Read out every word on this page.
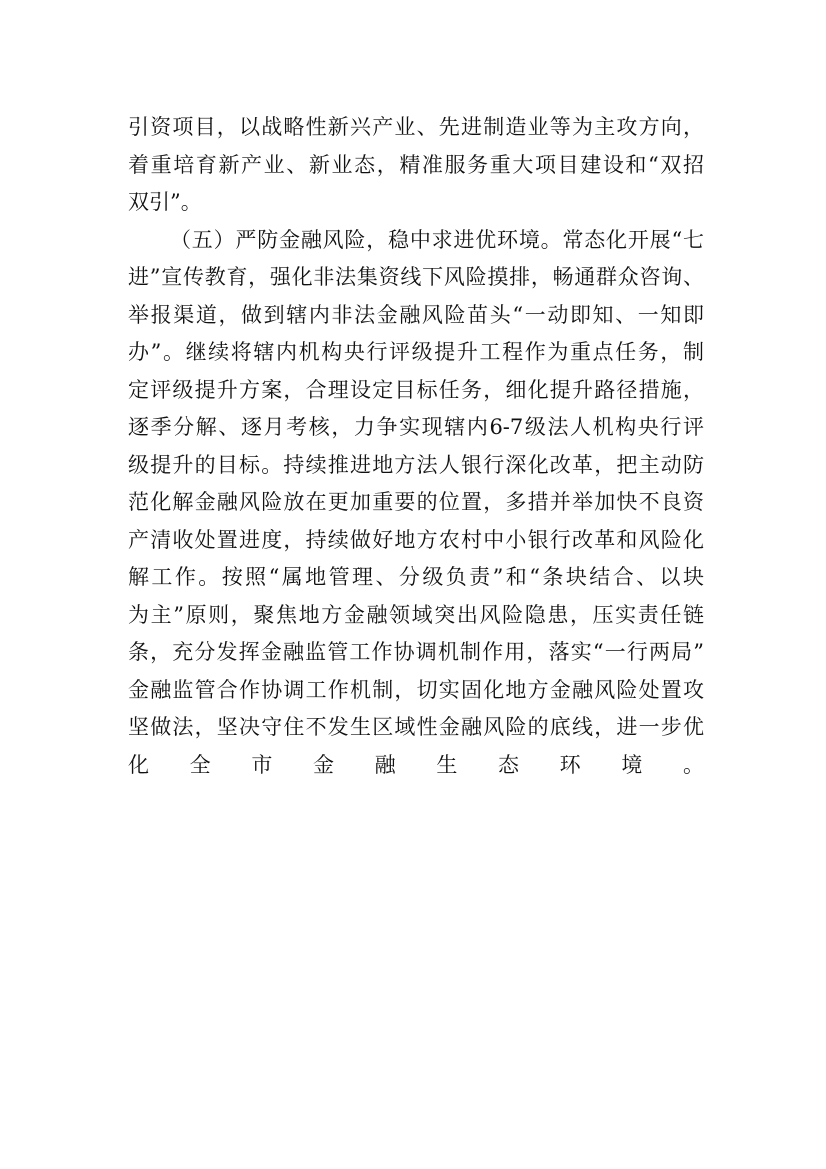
引资项目，以战略性新兴产业、先进制造业等为主攻方向，
着重培育新产业、新业态，精准服务重大项目建设和“双招
双引”。
（五）严防金融风险，稳中求进优环境。常态化开展“七
进”宣传教育，强化非法集资线下风险摸排，畅通群众咨询、
举报渠道，做到辖内非法金融风险苗头“一动即知、一知即
办”。继续将辖内机构央行评级提升工程作为重点任务，制
定评级提升方案，合理设定目标任务，细化提升路径措施，
逐季分解、逐月考核，力争实现辖内6-7级法人机构央行评
级提升的目标。持续推进地方法人银行深化改革，把主动防
范化解金融风险放在更加重要的位置，多措并举加快不良资
产清收处置进度，持续做好地方农村中小银行改革和风险化
解工作。按照“属地管理、分级负责”和“条块结合、以块
为主”原则，聚焦地方金融领域突出风险隐患，压实责任链
条，充分发挥金融监管工作协调机制作用，落实“一行两局”
金融监管合作协调工作机制，切实固化地方金融风险处置攻
坚做法，坚决守住不发生区域性金融风险的底线，进一步优
化全市金融生态环境。
